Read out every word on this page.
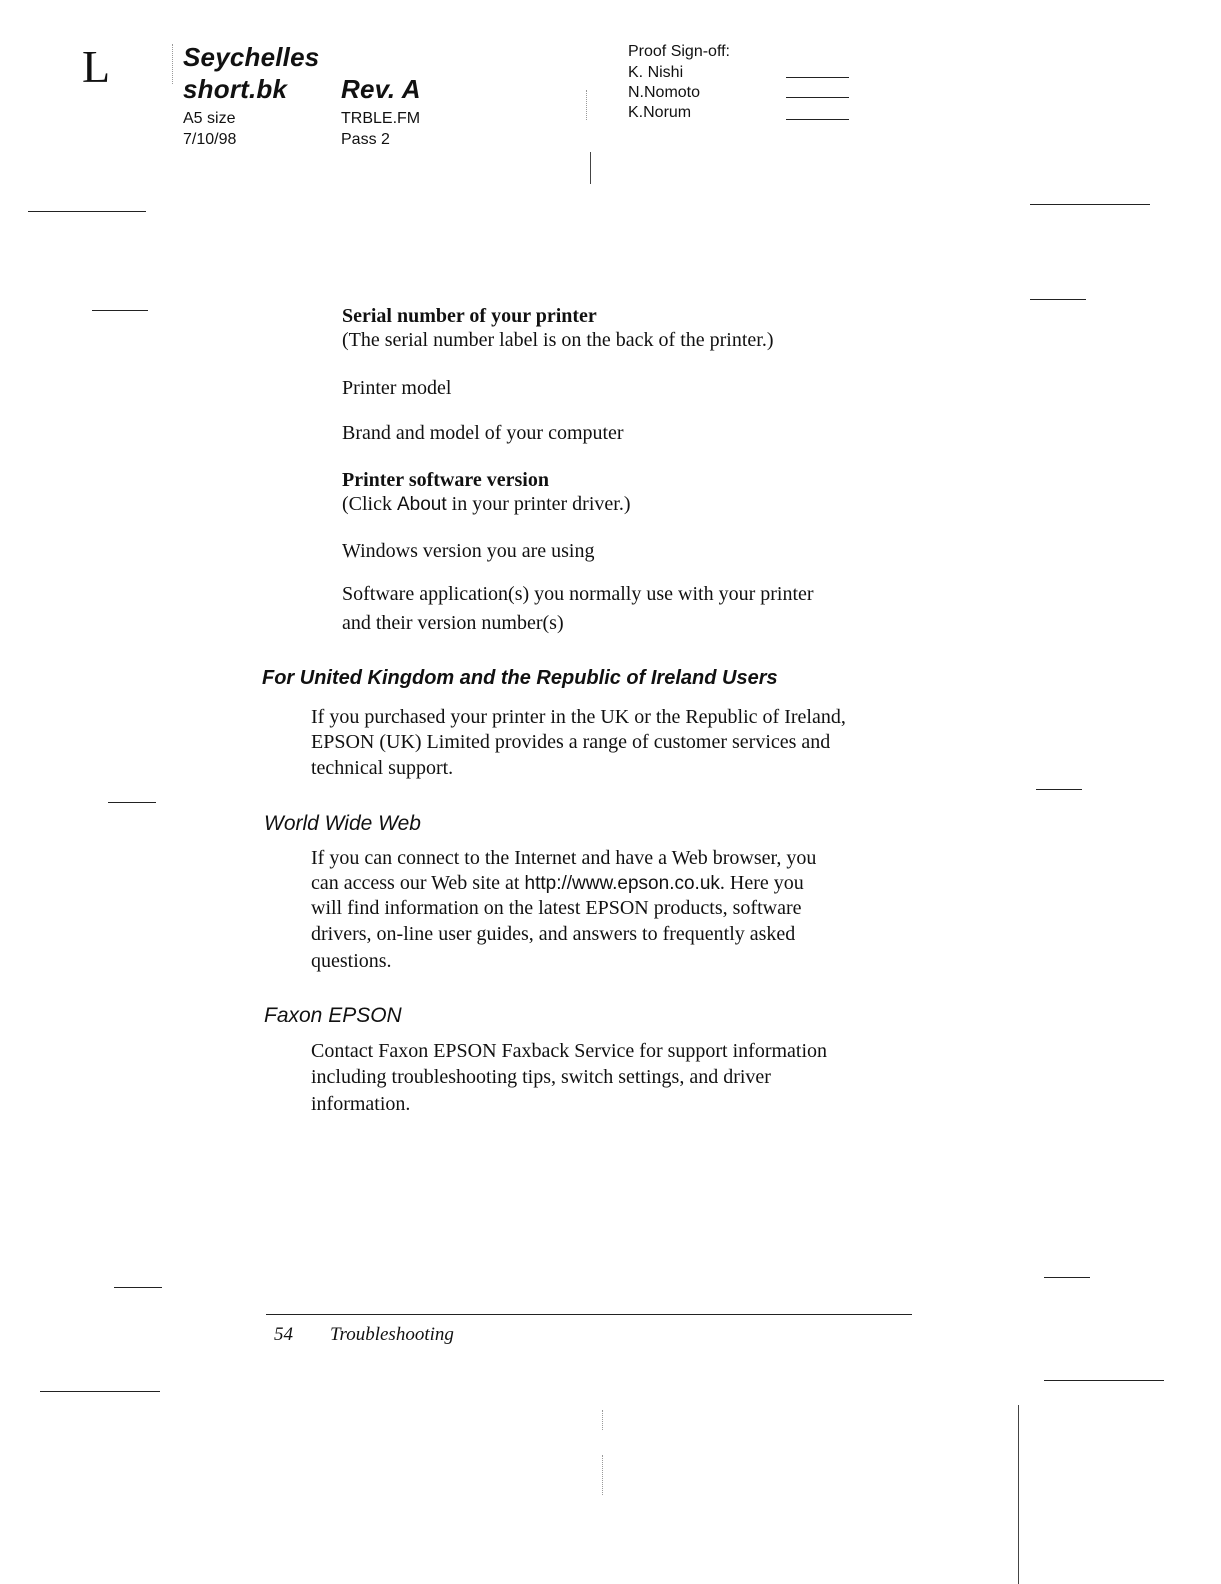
L	Seychelles
short.bk Rev. A
A5 size
7/10/98
TRBLE.FM
Pass 2
Proof Sign-off:
K. Nishi
N.Nomoto
K.Norum
Serial number of your printer
(The serial number label is on the back of the printer.)
Printer model
Brand and model of your computer
Printer software version
(Click About in your printer driver.)
Windows version you are using
Software application(s) you normally use with your printer
and their version number(s)
For United Kingdom and the Republic of Ireland Users
If you purchased your printer in the UK or the Republic of Ireland,
EPSON (UK) Limited provides a range of customer services and
technical support.
World Wide Web
If you can connect to the Internet and have a Web browser, you
can access our Web site at http://www.epson.co.uk. Here you
will find information on the latest EPSON products, software
drivers, on-line user guides, and answers to frequently asked
questions.
Faxon EPSON
Contact Faxon EPSON Faxback Service for support information
including troubleshooting tips, switch settings, and driver
information.
54 Troubleshooting
